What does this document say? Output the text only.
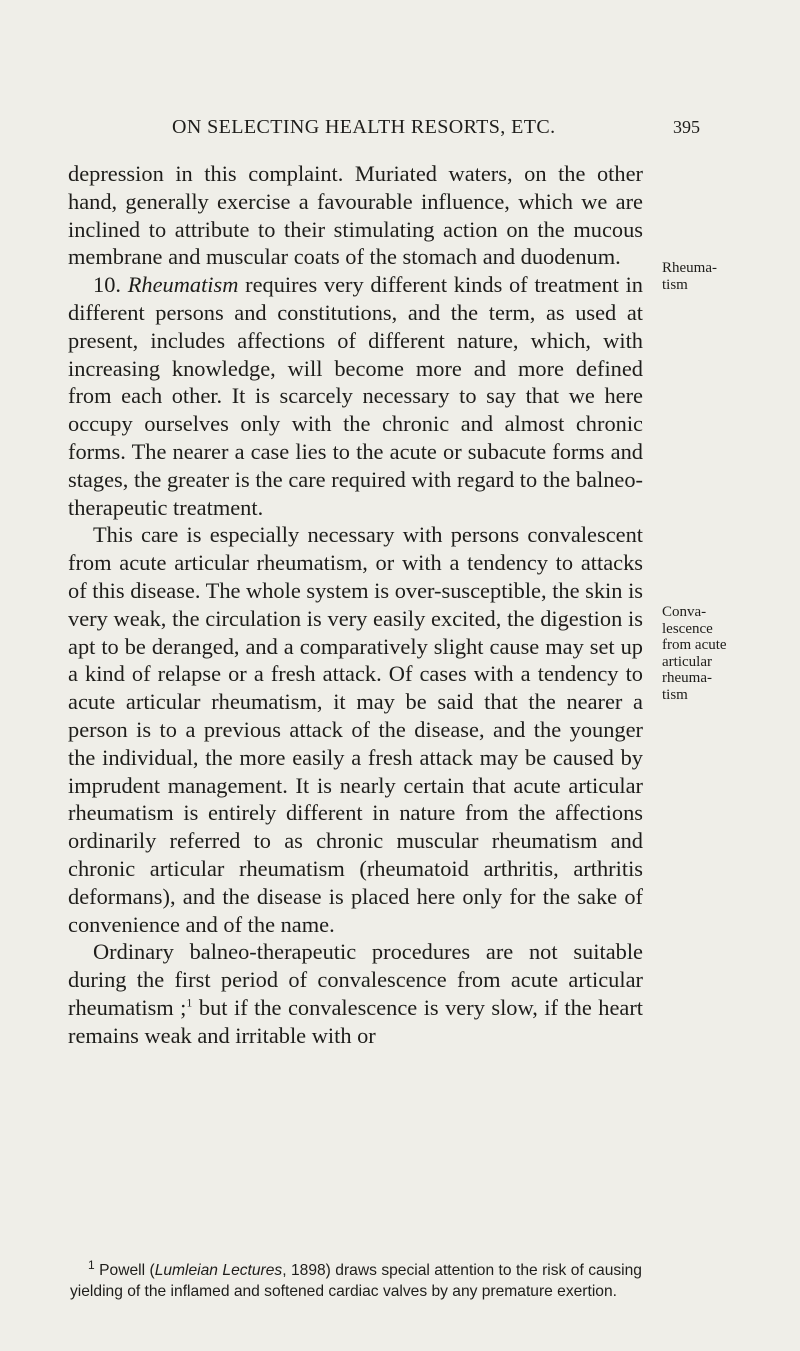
ON SELECTING HEALTH RESORTS, ETC.	395

depression in this complaint. Muriated waters, on the other hand, generally exercise a favourable influence, which we are inclined to attribute to their stimulating action on the mucous membrane and muscular coats of the stomach and duodenum.

10. Rheumatism requires very different kinds of treatment in different persons and constitutions, and the term, as used at present, includes affections of different nature, which, with increasing knowledge, will become more and more defined from each other. It is scarcely necessary to say that we here occupy ourselves only with the chronic and almost chronic forms. The nearer a case lies to the acute or subacute forms and stages, the greater is the care required with regard to the balneo-therapeutic treatment.

This care is especially necessary with persons convalescent from acute articular rheumatism, or with a tendency to attacks of this disease. The whole system is over-susceptible, the skin is very weak, the circulation is very easily excited, the digestion is apt to be deranged, and a comparatively slight cause may set up a kind of relapse or a fresh attack. Of cases with a tendency to acute articular rheumatism, it may be said that the nearer a person is to a previous attack of the disease, and the younger the individual, the more easily a fresh attack may be caused by imprudent management. It is nearly certain that acute articular rheumatism is entirely different in nature from the affections ordinarily referred to as chronic muscular rheumatism and chronic articular rheumatism (rheumatoid arthritis, arthritis deformans), and the disease is placed here only for the sake of convenience and of the name.

Ordinary balneo-therapeutic procedures are not suitable during the first period of convalescence from acute articular rheumatism ;$^1$ but if the convalescence is very slow, if the heart remains weak and irritable with or

Rheuma-
tism
Conva-
lescence
from acute
articular
rheuma-
tism
$^1$ Powell (Lumleian Lectures, 1898) draws special attention to the risk of causing yielding of the inflamed and softened cardiac valves by any premature exertion.
